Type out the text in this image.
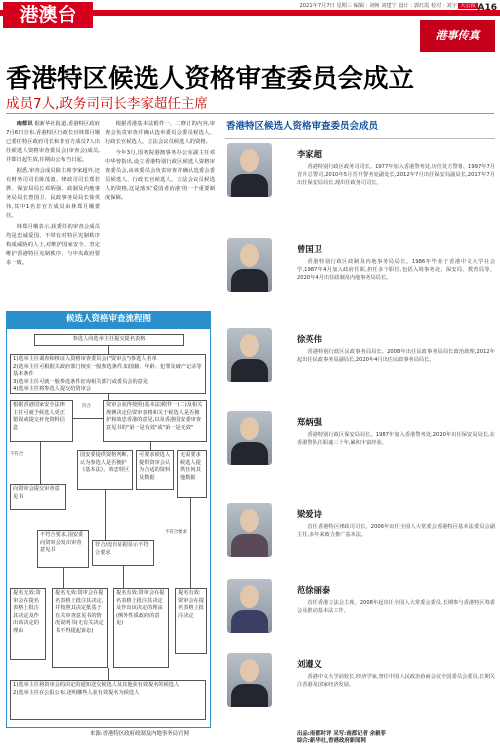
港澳台	2021年7月7日 星期三 编辑 : 刘畅 刘建宁 设计 : 郭红霞 校对 : 刘宇 大公报 A16
港事传真
香港特区候选人资格审查委员会成立
成员7人,政务司司长李家超任主席

南都讯 据新华社报道,香港特区政府7月6日宣布,香港特区行政长官林郑月娥已委任特区政府司长和非官方成员7人出任候选人资格审查委员会(审查会)成员,并即日起生效,任期由公布当日起。

据悉,审查会成员除主席李家超外,还有财务司司长陈茂波、律政司司长郑若骅、保安局局长邓炳强、政制及内地事务局局长曾国卫、民政事务局局长徐英伟,其中1名非官方成员由林郑月娥委任。

林郑月娥表示,获委任的审查会成员均是忠诚爱国、不带有对特区宪制秩序构成威胁的人士,对维护国家安全、坚定维护香港特区宪制秩序、与中央政府要求一致。

根据香港基本法附件一、二修订的内容,审查会负责审查并确认选举委员会委员候选人、行政长官候选人、立法会议员候选人的资格。

今年3月,国务院港澳事务办公室副主任邓中华曾指出,设立香港特别行政区候选人资格审查委员会,由该委员会负责审查并确认选委会委员候选人、行政长官候选人、立法会议员候选人的资格,这是落实'爱国者治港'的一个重要制度保障。

候选人资格审查流程图
参选人向选举主任提交提名表格
1)选举主任调查和核证入资格审查委员会("资审会")参选人名单
2)选举主任可根据关政府部门核实一般参选条件,如国籍、年龄、犯罪及破产记录等基本条件
3)选举主任可就一般参选条件征询相关部门或委员会的意见
4)选举主任将参选人提交给资审会
根据香港国家安全法律主任可就予候选人更正错误或提交补充资料信息
符合	资审会获得按照(基本法)附件一(二)及相关规例决定信资审表格和关于候选人是否拥护和效忠香港的意见,以及香港国安委审查意见书的"第一是有效"或"第一是无效"
不符合
向资审会提交审查意见书
国安委提供资格判断,认为参选人是否拥护《基本法》、效忠特区
可要求候选人提供资审会认为合适的资料及数据
无需要求候选人提供任何其他数据
不符合要求,国安委向资审会发出审查意见书
符合/没有证据显示不符合要求
不符合要求
提名无效:资审会在提名表格上批注其决定及作出该决定的理由
提名无效:资审会在提名表格上批注其决定,并按照其决定批基于有关审查意见书的情况说明书(无有关决定书不得提起诉讼)
提名有效:资审会在提名表格上批注其决定及作出该决定的理由(例外性质政府的意见)
提名有效:资审会在提名表格上批注决定
1)选举主任将资审会的决定的通知送交候选人及其他获有效提名的候选人
2)选举主任在公报公布,述明哪些人获有效提名为候选人
来源:香港特区政府政制及内地事务局官网
香港特区候选人资格审查委员会成员
李家超
香港特别行政区政务司司长。1977年加入香港警务处,历任处方警署、1997年7月晋升总警司,2010年5月晋升警务处副处长,2012年7月出任保安局副局长,2017年7月出任保安局局长,现出任政务司司长。
曾国卫
香港特别行政区政制及内地事务局局长。1986年毕业于香港中文大学社会学,1987年4月加入政府任职,担任多个职位,包括入境事务处、保安局、教育局等。2020年4月出任政制及内地事务局局长。
徐英伟
香港特别行政区民政事务局局长。2008年出任民政事务局局长政治助理,2012年起出任民政事务局副局长,2020年4月出任民政事务局局长。
郑炳强
香港特别行政区保安局局长。1987年加入香港警务处,2020年出任保安局局长,在香港警队任职逾三十年,累积丰富经验。
梁爱诗
首任香港特区律政司司长。2006年出任全国人大常委会香港特区基本法委员会副主任,多年来致力推广基本法。
范徐丽泰
首任香港立法会主席。2008年起出任全国人大常委会委员,长期参与香港特区筹委会及推动基本法工作。
刘遵义
香港中文大学前校长,经济学家,曾任中国人民政治协商会议全国委员会委员,长期关注香港及国家经济发展。
出品:南都时评 采写:南都记者 余毅菲
综合:新华社,香港政府新闻网
